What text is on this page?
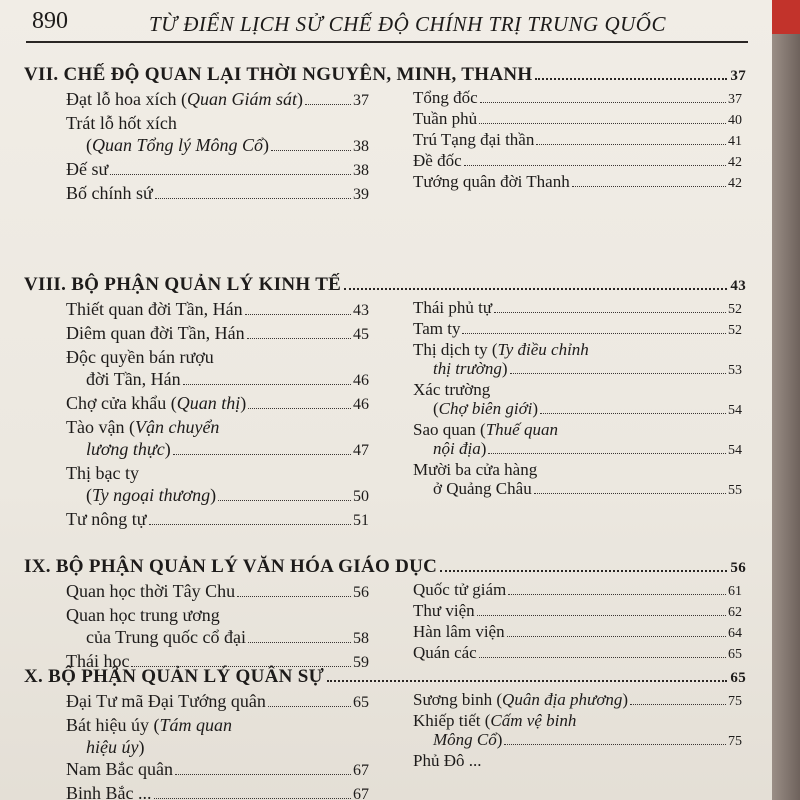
890	TỪ ĐIỂN LỊCH SỬ CHẾ ĐỘ CHÍNH TRỊ TRUNG QUỐC
VII. CHẾ ĐỘ QUAN LẠI THỜI NGUYÊN, MINH, THANH	37
Đạt lỗ hoa xích (Quan Giám sát)	37
Trát lỗ hốt xích
(Quan Tổng lý Mông Cổ)	38
Đế sư	38
Bố chính sứ	39
Tổng đốc	37
Tuần phủ	40
Trú Tạng đại thần	41
Đề đốc	42
Tướng quân đời Thanh	42
VIII. BỘ PHẬN QUẢN LÝ KINH TẾ	43
Thiết quan đời Tần, Hán	43
Diêm quan đời Tần, Hán	45
Độc quyền bán rượu
đời Tần, Hán	46
Chợ cửa khẩu (Quan thị)	46
Tào vận (Vận chuyển
lương thực)	47
Thị bạc ty
(Ty ngoại thương)	50
Tư nông tự	51
Thái phủ tự	52
Tam ty	52
Thị dịch ty (Ty điều chỉnh
thị trường)	53
Xác trường
(Chợ biên giới)	54
Sao quan (Thuế quan
nội địa)	54
Mười ba cửa hàng
ở Quảng Châu	55
IX. BỘ PHẬN QUẢN LÝ VĂN HÓA GIÁO DỤC	56
Quan học thời Tây Chu	56
Quan học trung ương
của Trung quốc cổ đại	58
Thái học	59
Quốc tử giám	61
Thư viện	62
Hàn lâm viện	64
Quán các	65
X. BỘ PHẬN QUẢN LÝ QUÂN SỰ	65
Đại Tư mã Đại Tướng quân	65
Bát hiệu úy (Tám quan
hiệu úy)
Nam Bắc quân	67
Binh Bắc ...	67
Sương binh (Quân địa phương)	75
Khiếp tiết (Cấm vệ binh
Mông Cổ)	75
Phủ Đô ...
